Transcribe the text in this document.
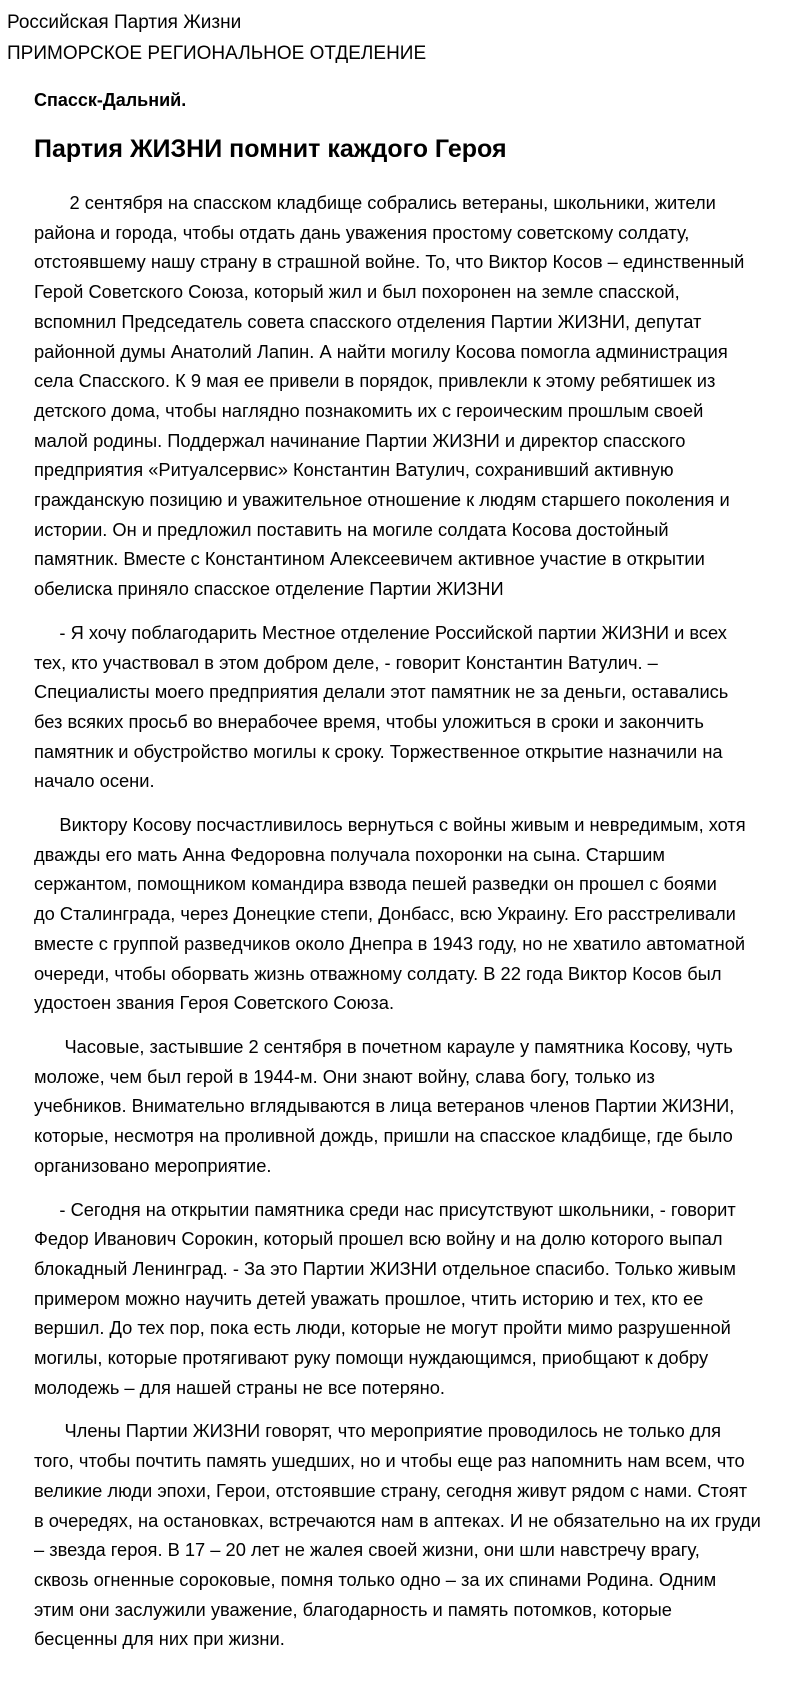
Российская Партия Жизни
ПРИМОРСКОЕ РЕГИОНАЛЬНОЕ ОТДЕЛЕНИЕ
Спасск-Дальний.
Партия ЖИЗНИ помнит каждого Героя

2 сентября на спасском кладбище собрались ветераны, школьники, жители
района и города, чтобы отдать дань уважения простому советскому солдату,
отстоявшему нашу страну в страшной войне. То, что Виктор Косов – единственный
Герой Советского Союза, который жил и был похоронен на земле спасской,
вспомнил Председатель совета спасского отделения Партии ЖИЗНИ, депутат
районной думы Анатолий Лапин. А найти могилу Косова помогла администрация
села Спасского. К 9 мая ее привели в порядок, привлекли к этому ребятишек из
детского дома, чтобы наглядно познакомить их с героическим прошлым своей
малой родины. Поддержал начинание Партии ЖИЗНИ и директор спасского
предприятия «Ритуалсервис» Константин Ватулич, сохранивший активную
гражданскую позицию и уважительное отношение к людям старшего поколения и
истории. Он и предложил поставить на могиле солдата Косова достойный
памятник. Вместе с Константином Алексеевичем активное участие в открытии
обелиска приняло спасское отделение Партии ЖИЗНИ

- Я хочу поблагодарить Местное отделение Российской партии ЖИЗНИ и всех
тех, кто участвовал в этом добром деле, - говорит Константин Ватулич. –
Специалисты моего предприятия делали этот памятник не за деньги, оставались
без всяких просьб во внерабочее время, чтобы уложиться в сроки и закончить
памятник и обустройство могилы к сроку. Торжественное открытие назначили на
начало осени.

Виктору Косову посчастливилось вернуться с войны живым и невредимым, хотя
дважды его мать Анна Федоровна получала похоронки на сына. Старшим
сержантом, помощником командира взвода пешей разведки он прошел с боями
до Сталинграда, через Донецкие степи, Донбасс, всю Украину. Его расстреливали
вместе с группой разведчиков около Днепра в 1943 году, но не хватило автоматной
очереди, чтобы оборвать жизнь отважному солдату. В 22 года Виктор Косов был
удостоен звания Героя Советского Союза.

Часовые, застывшие 2 сентября в почетном карауле у памятника Косову, чуть
моложе, чем был герой в 1944-м. Они знают войну, слава богу, только из
учебников. Внимательно вглядываются в лица ветеранов членов Партии ЖИЗНИ,
которые, несмотря на проливной дождь, пришли на спасское кладбище, где было
организовано мероприятие.

- Сегодня на открытии памятника среди нас присутствуют школьники, - говорит
Федор Иванович Сорокин, который прошел всю войну и на долю которого выпал
блокадный Ленинград. - За это Партии ЖИЗНИ отдельное спасибо. Только живым
примером можно научить детей уважать прошлое, чтить историю и тех, кто ее
вершил. До тех пор, пока есть люди, которые не могут пройти мимо разрушенной
могилы, которые протягивают руку помощи нуждающимся, приобщают к добру
молодежь – для нашей страны не все потеряно.

Члены Партии ЖИЗНИ говорят, что мероприятие проводилось не только для
того, чтобы почтить память ушедших, но и чтобы еще раз напомнить нам всем, что
великие люди эпохи, Герои, отстоявшие страну, сегодня живут рядом с нами. Стоят
в очередях, на остановках, встречаются нам в аптеках. И не обязательно на их груди
– звезда героя. В 17 – 20 лет не жалея своей жизни, они шли навстречу врагу,
сквозь огненные сороковые, помня только одно – за их спинами Родина. Одним
этим они заслужили уважение, благодарность и память потомков, которые
бесценны для них при жизни.
